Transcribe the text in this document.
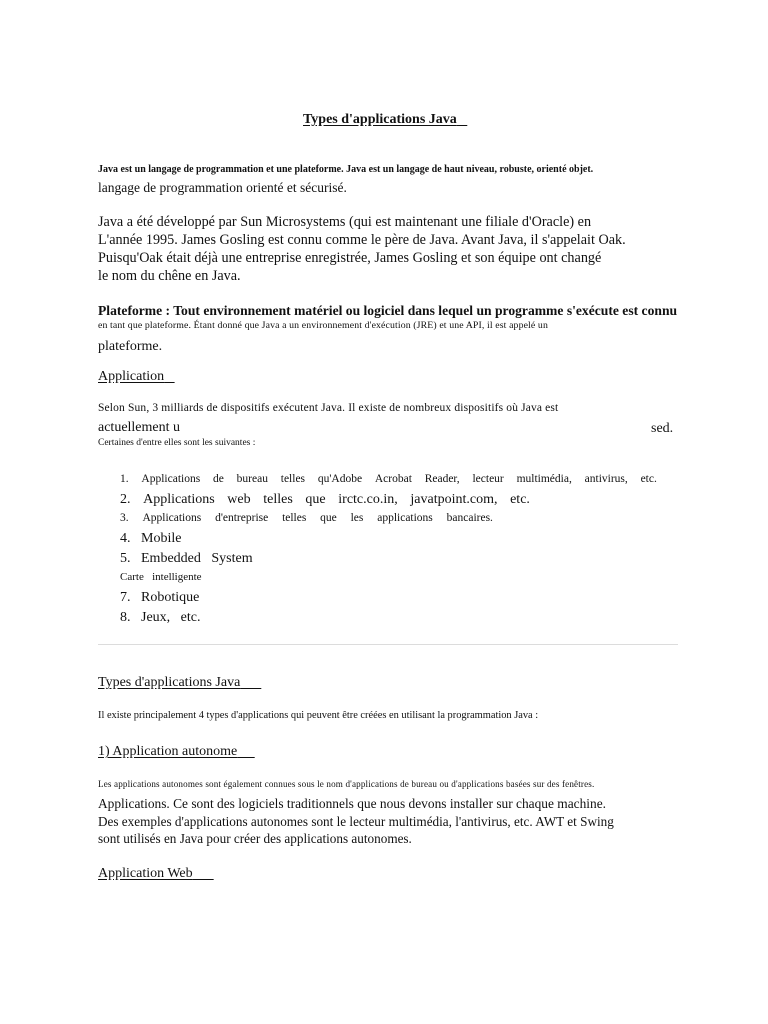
Types d'applications Java
Java est un langage de programmation et une plateforme. Java est un langage de haut niveau, robuste, orienté objet.
langage de programmation orienté et sécurisé.
Java a été développé par Sun Microsystems (qui est maintenant une filiale d'Oracle) en
L'année 1995. James Gosling est connu comme le père de Java. Avant Java, il s'appelait Oak.
Puisqu'Oak était déjà une entreprise enregistrée, James Gosling et son équipe ont changé
le nom du chêne en Java.
Plateforme : Tout environnement matériel ou logiciel dans lequel un programme s'exécute est connu
en tant que plateforme. Étant donné que Java a un environnement d'exécution (JRE) et une API, il est appelé un
plateforme.
Application
Selon Sun, 3 milliards de dispositifs exécutent Java. Il existe de nombreux dispositifs où Java est
actuellement u	sed.
Certaines d'entre elles sont les suivantes :
1. Applications de bureau telles qu'Adobe Acrobat Reader, lecteur multimédia, antivirus, etc.
2. Applications web telles que irctc.co.in, javatpoint.com, etc.
3. Applications d'entreprise telles que les applications bancaires.
4. Mobile
5. Embedded System
Carte intelligente
7. Robotique
8. Jeux, etc.
Types d'applications Java
Il existe principalement 4 types d'applications qui peuvent être créées en utilisant la programmation Java :
1) Application autonome
Les applications autonomes sont également connues sous le nom d'applications de bureau ou d'applications basées sur des fenêtres.
Applications. Ce sont des logiciels traditionnels que nous devons installer sur chaque machine.
Des exemples d'applications autonomes sont le lecteur multimédia, l'antivirus, etc. AWT et Swing
sont utilisés en Java pour créer des applications autonomes.
Application Web
